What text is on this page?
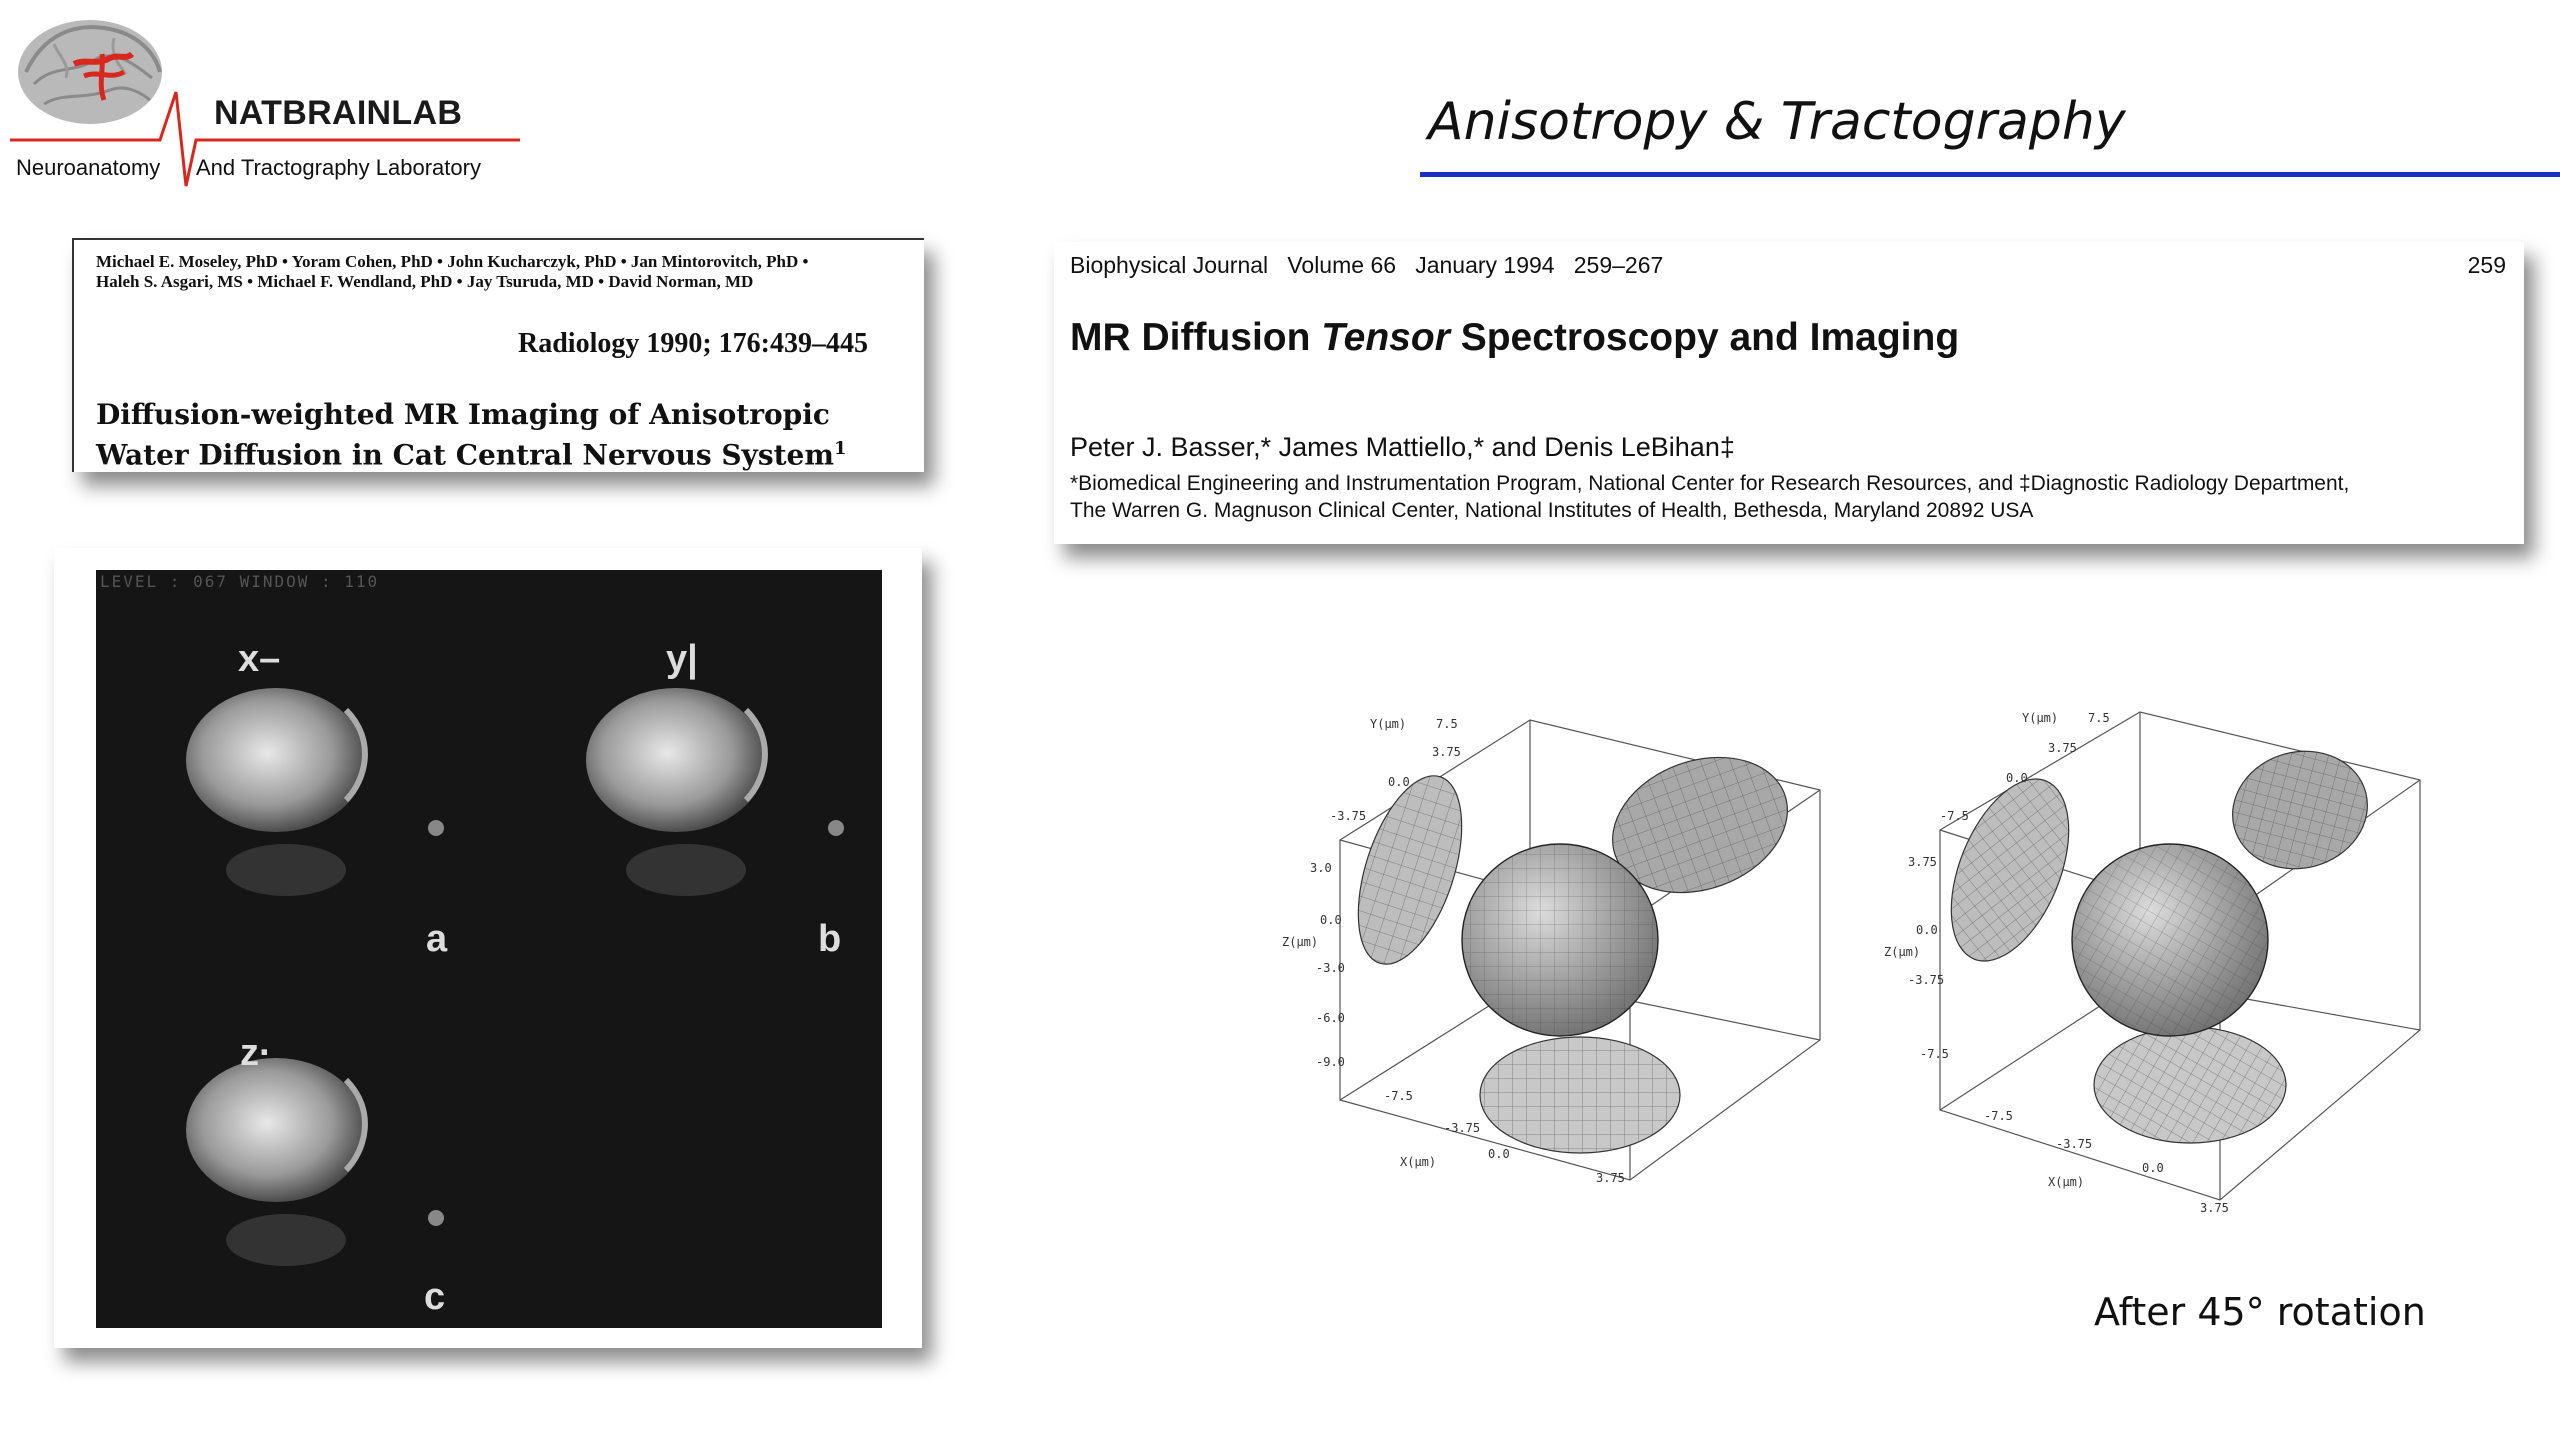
NATBRAINLAB
Neuroanatomy And Tractography Laboratory
Anisotropy & Tractography
Michael E. Moseley, PhD • Yoram Cohen, PhD • John Kucharczyk, PhD • Jan Mintorovitch, PhD •
Haleh S. Asgari, MS • Michael F. Wendland, PhD • Jay Tsuruda, MD • David Norman, MD
Radiology 1990; 176:439–445
Diffusion-weighted MR Imaging of Anisotropic
Water Diffusion in Cat Central Nervous System$^1$
Biophysical Journal   Volume 66   January 1994   259–267	259
MR Diffusion Tensor Spectroscopy and Imaging
Peter J. Basser,* James Mattiello,* and Denis LeBihan‡
*Biomedical Engineering and Instrumentation Program, National Center for Research Resources, and ‡Diagnostic Radiology Department,
The Warren G. Magnuson Clinical Center, National Institutes of Health, Bethesda, Maryland 20892 USA
LEVEL : 067 WINDOW : 110
x–	y|
z·
a	b
c
Y(µm) 7.5
3.75
0.0
-3.75
3.0
0.0
Z(µm)
-3.0
-6.0
-9.0
-7.5
-3.75
X(µm)
0.0
3.75
Y(µm) 7.5
3.75
0.0
-7.5
3.75
0.0
Z(µm)
-3.75
-7.5
-7.5
-3.75
X(µm)
0.0
3.75
After 45° rotation
